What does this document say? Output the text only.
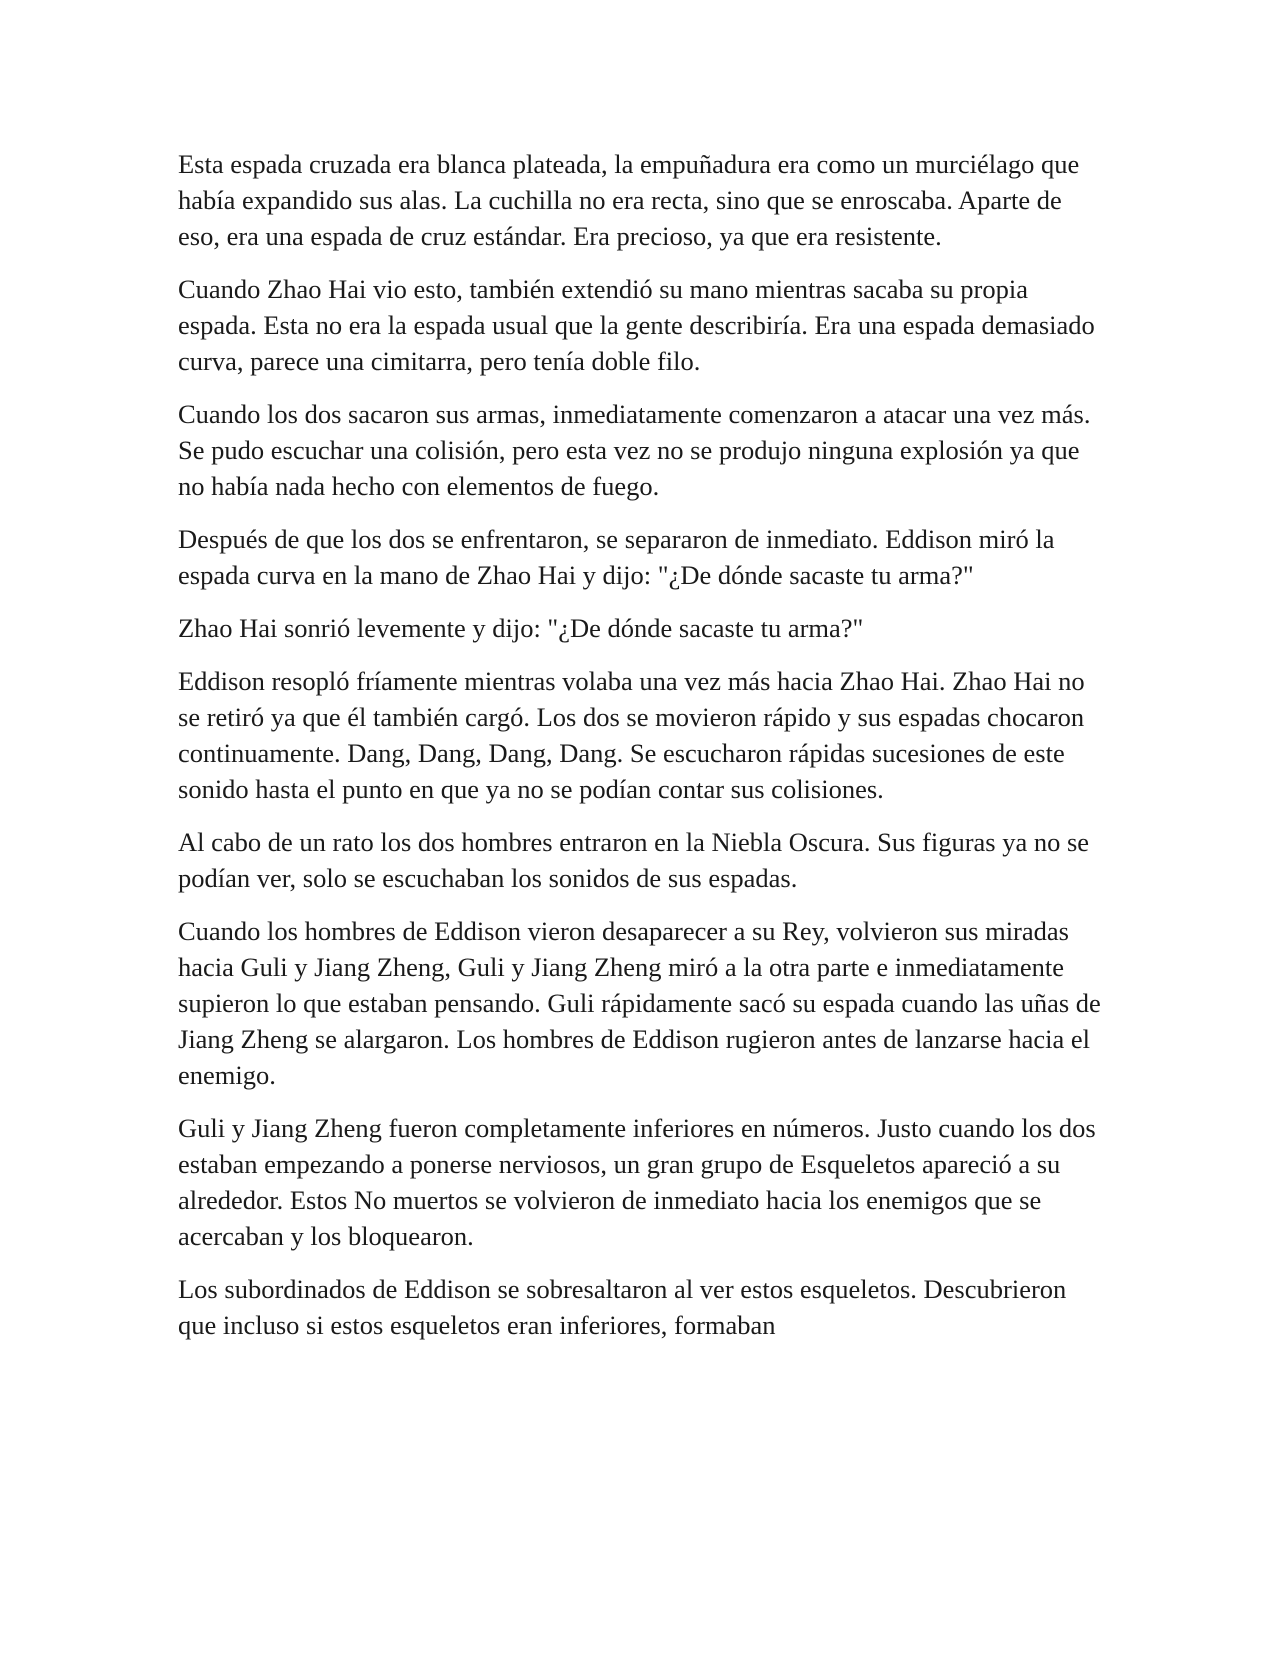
Esta espada cruzada era blanca plateada, la empuñadura era como un murciélago que había expandido sus alas. La cuchilla no era recta, sino que se enroscaba. Aparte de eso, era una espada de cruz estándar. Era precioso, ya que era resistente.

Cuando Zhao Hai vio esto, también extendió su mano mientras sacaba su propia espada. Esta no era la espada usual que la gente describiría. Era una espada demasiado curva, parece una cimitarra, pero tenía doble filo.

Cuando los dos sacaron sus armas, inmediatamente comenzaron a atacar una vez más. Se pudo escuchar una colisión, pero esta vez no se produjo ninguna explosión ya que no había nada hecho con elementos de fuego.

Después de que los dos se enfrentaron, se separaron de inmediato. Eddison miró la espada curva en la mano de Zhao Hai y dijo: "¿De dónde sacaste tu arma?"

Zhao Hai sonrió levemente y dijo: "¿De dónde sacaste tu arma?"

Eddison resopló fríamente mientras volaba una vez más hacia Zhao Hai. Zhao Hai no se retiró ya que él también cargó. Los dos se movieron rápido y sus espadas chocaron continuamente. Dang, Dang, Dang, Dang. Se escucharon rápidas sucesiones de este sonido hasta el punto en que ya no se podían contar sus colisiones.

Al cabo de un rato los dos hombres entraron en la Niebla Oscura. Sus figuras ya no se podían ver, solo se escuchaban los sonidos de sus espadas.

Cuando los hombres de Eddison vieron desaparecer a su Rey, volvieron sus miradas hacia Guli y Jiang Zheng, Guli y Jiang Zheng miró a la otra parte e inmediatamente supieron lo que estaban pensando. Guli rápidamente sacó su espada cuando las uñas de Jiang Zheng se alargaron. Los hombres de Eddison rugieron antes de lanzarse hacia el enemigo.

Guli y Jiang Zheng fueron completamente inferiores en números. Justo cuando los dos estaban empezando a ponerse nerviosos, un gran grupo de Esqueletos apareció a su alrededor. Estos No muertos se volvieron de inmediato hacia los enemigos que se acercaban y los bloquearon.

Los subordinados de Eddison se sobresaltaron al ver estos esqueletos. Descubrieron que incluso si estos esqueletos eran inferiores, formaban
